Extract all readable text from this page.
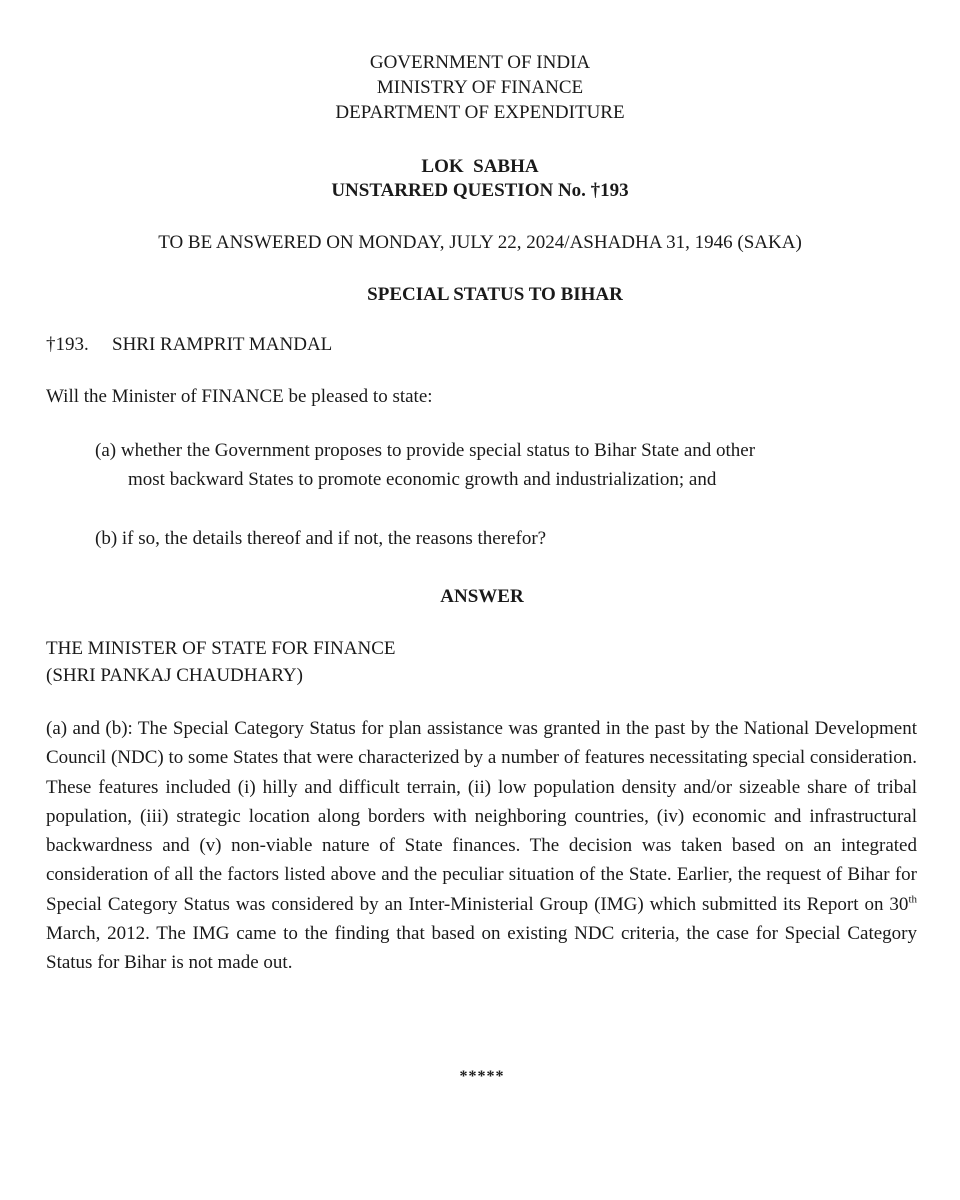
GOVERNMENT OF INDIA
MINISTRY OF FINANCE
DEPARTMENT OF EXPENDITURE
LOK  SABHA
UNSTARRED QUESTION No. †193
TO BE ANSWERED ON MONDAY, JULY 22, 2024/ASHADHA 31, 1946 (SAKA)
SPECIAL STATUS TO BIHAR
†193. SHRI RAMPRIT MANDAL
Will the Minister of FINANCE be pleased to state:
(a) whether the Government proposes to provide special status to Bihar State and other
most backward States to promote economic growth and industrialization; and
(b) if so, the details thereof and if not, the reasons therefor?
ANSWER
THE MINISTER OF STATE FOR FINANCE
(SHRI PANKAJ CHAUDHARY)
(a) and (b): The Special Category Status for plan assistance was granted in the past by the National Development Council (NDC) to some States that were characterized by a number of features necessitating special consideration. These features included (i) hilly and difficult terrain, (ii) low population density and/or sizeable share of tribal population, (iii) strategic location along borders with neighboring countries, (iv) economic and infrastructural backwardness and (v) non-viable nature of State finances. The decision was taken based on an integrated consideration of all the factors listed above and the peculiar situation of the State. Earlier, the request of Bihar for Special Category Status was considered by an Inter-Ministerial Group (IMG) which submitted its Report on 30th March, 2012. The IMG came to the finding that based on existing NDC criteria, the case for Special Category Status for Bihar is not made out.
*****
